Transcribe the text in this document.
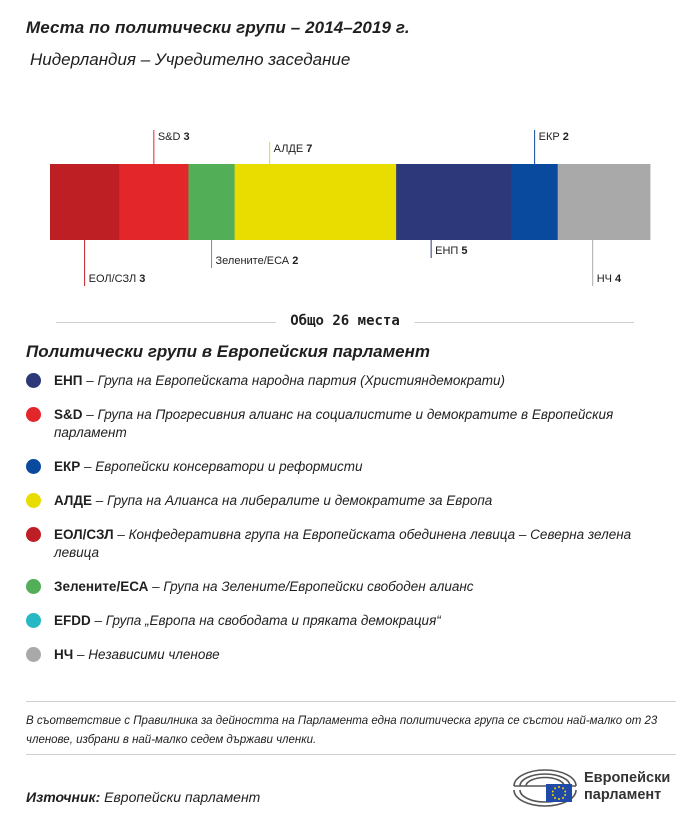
Места по политически групи – 2014–2019 г.
Нидерландия – Учредително заседание
ЕОЛ/СЗЛ 3
S&D 3
Зелените/ЕСА 2
АЛДЕ 7
ЕНП 5
ЕКР 2
НЧ 4
Общо 26 места
Политически групи в Европейския парламент
ЕНП – Група на Европейската народна партия (Християндемократи)
S&D – Група на Прогресивния алианс на социалистите и демократите в Европейския парламент
ЕКР – Европейски консерватори и реформисти
АЛДЕ – Група на Алианса на либералите и демократите за Европа
ЕОЛ/СЗЛ – Конфедеративна група на Европейската обединена левица – Северна зелена левица
Зелените/ЕСА – Група на Зелените/Европейски свободен алианс
EFDD – Група „Европа на свободата и пряката демокрация“
НЧ – Независими членове
В съответствие с Правилника за дейността на Парламента една политическа група се състои най-малко от 23 членове, избрани в най-малко седем държави членки.
Източник: Европейски парламент
Европейски
парламент
